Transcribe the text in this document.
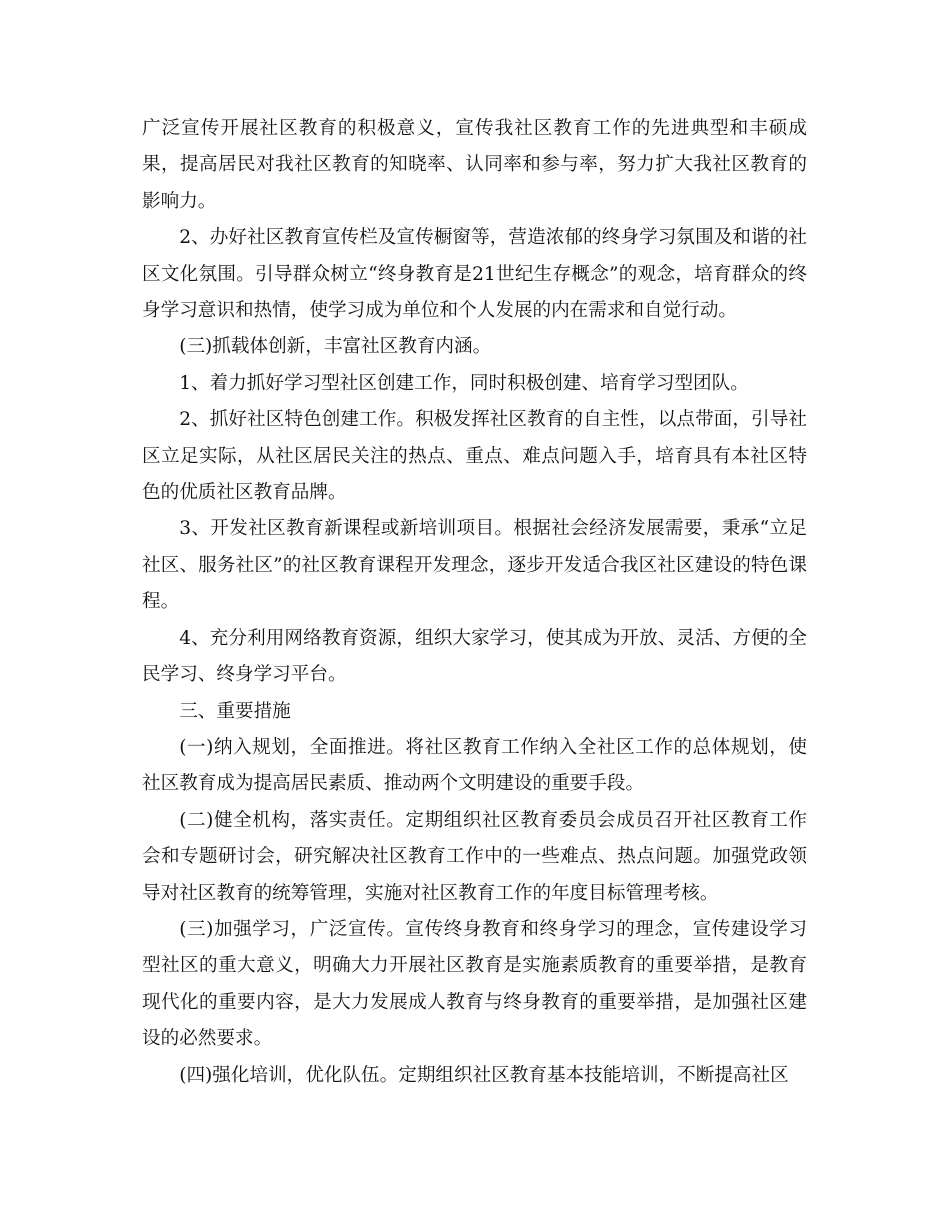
广泛宣传开展社区教育的积极意义，宣传我社区教育工作的先进典型和丰硕成果，提高居民对我社区教育的知晓率、认同率和参与率，努力扩大我社区教育的影响力。

2、办好社区教育宣传栏及宣传橱窗等，营造浓郁的终身学习氛围及和谐的社区文化氛围。引导群众树立“终身教育是21世纪生存概念”的观念，培育群众的终身学习意识和热情，使学习成为单位和个人发展的内在需求和自觉行动。

(三)抓载体创新，丰富社区教育内涵。

1、着力抓好学习型社区创建工作，同时积极创建、培育学习型团队。

2、抓好社区特色创建工作。积极发挥社区教育的自主性，以点带面，引导社区立足实际，从社区居民关注的热点、重点、难点问题入手，培育具有本社区特色的优质社区教育品牌。

3、开发社区教育新课程或新培训项目。根据社会经济发展需要，秉承“立足社区、服务社区”的社区教育课程开发理念，逐步开发适合我区社区建设的特色课程。

4、充分利用网络教育资源，组织大家学习，使其成为开放、灵活、方便的全民学习、终身学习平台。

三、重要措施

(一)纳入规划，全面推进。将社区教育工作纳入全社区工作的总体规划，使社区教育成为提高居民素质、推动两个文明建设的重要手段。

(二)健全机构，落实责任。定期组织社区教育委员会成员召开社区教育工作会和专题研讨会，研究解决社区教育工作中的一些难点、热点问题。加强党政领导对社区教育的统筹管理，实施对社区教育工作的年度目标管理考核。

(三)加强学习，广泛宣传。宣传终身教育和终身学习的理念，宣传建设学习型社区的重大意义，明确大力开展社区教育是实施素质教育的重要举措，是教育现代化的重要内容，是大力发展成人教育与终身教育的重要举措，是加强社区建设的必然要求。

(四)强化培训，优化队伍。定期组织社区教育基本技能培训，不断提高社区
